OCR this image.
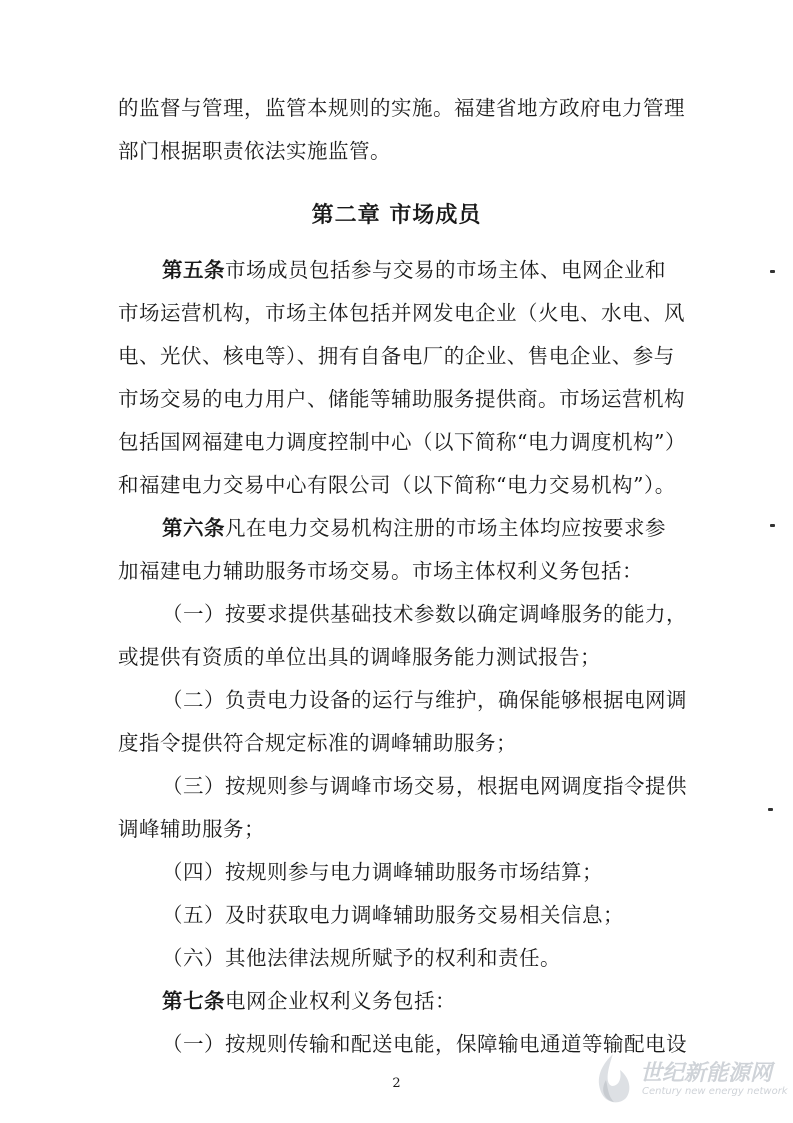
的监督与管理，监管本规则的实施。福建省地方政府电力管理
部门根据职责依法实施监管。
第二章 市场成员
第五条市场成员包括参与交易的市场主体、电网企业和
市场运营机构，市场主体包括并网发电企业（火电、水电、风
电、光伏、核电等）、拥有自备电厂的企业、售电企业、参与
市场交易的电力用户、储能等辅助服务提供商。市场运营机构
包括国网福建电力调度控制中心（以下简称“电力调度机构”）
和福建电力交易中心有限公司（以下简称“电力交易机构”）。
第六条凡在电力交易机构注册的市场主体均应按要求参
加福建电力辅助服务市场交易。市场主体权利义务包括：
（一）按要求提供基础技术参数以确定调峰服务的能力，
或提供有资质的单位出具的调峰服务能力测试报告；
（二）负责电力设备的运行与维护，确保能够根据电网调
度指令提供符合规定标准的调峰辅助服务；
（三）按规则参与调峰市场交易，根据电网调度指令提供
调峰辅助服务；
（四）按规则参与电力调峰辅助服务市场结算；
（五）及时获取电力调峰辅助服务交易相关信息；
（六）其他法律法规所赋予的权利和责任。
第七条电网企业权利义务包括：
（一）按规则传输和配送电能，保障输电通道等输配电设
2	世纪新能源网
Century new energy network
